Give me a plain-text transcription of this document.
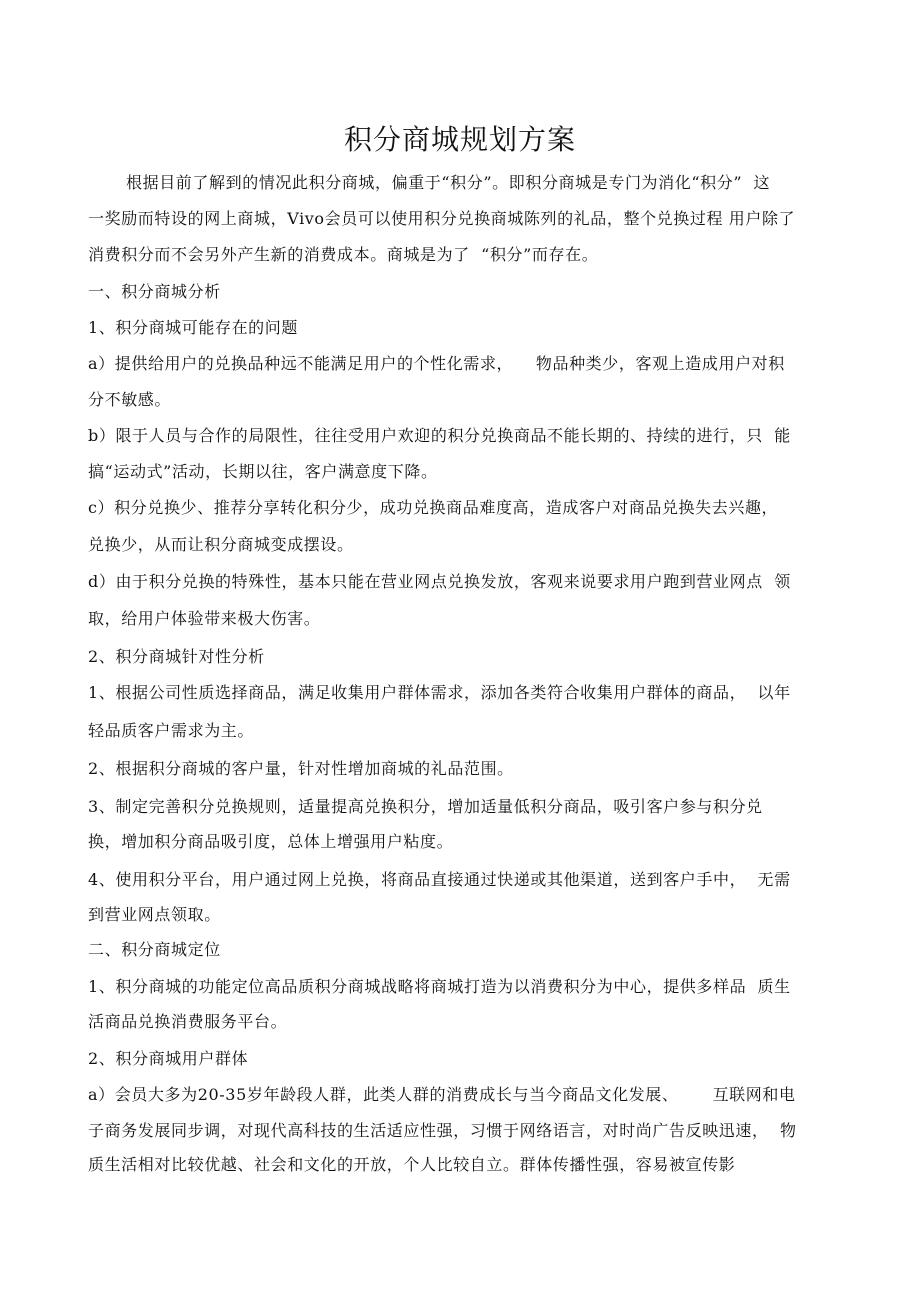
积分商城规划方案
根据目前了解到的情况此积分商城，偏重于“积分”。即积分商城是专门为消化“积分”  这
一奖励而特设的网上商城，Vivo会员可以使用积分兑换商城陈列的礼品，整个兑换过程 用户除了
消费积分而不会另外产生新的消费成本。商城是为了  “积分”而存在。
一、积分商城分析
1、积分商城可能存在的问题
a）提供给用户的兑换品种远不能满足用户的个性化需求，    物品种类少，客观上造成用户对积
分不敏感。
b）限于人员与合作的局限性，往往受用户欢迎的积分兑换商品不能长期的、持续的进行，只  能
搞“运动式”活动，长期以往，客户满意度下降。
c）积分兑换少、推荐分享转化积分少，成功兑换商品难度高，造成客户对商品兑换失去兴趣，
兑换少，从而让积分商城变成摆设。
d）由于积分兑换的特殊性，基本只能在营业网点兑换发放，客观来说要求用户跑到营业网点  领
取，给用户体验带来极大伤害。
2、积分商城针对性分析
1、根据公司性质选择商品，满足收集用户群体需求，添加各类符合收集用户群体的商品，  以年
轻品质客户需求为主。
2、根据积分商城的客户量，针对性增加商城的礼品范围。
3、制定完善积分兑换规则，适量提高兑换积分，增加适量低积分商品，吸引客户参与积分兑
换，增加积分商品吸引度，总体上增强用户粘度。
4、使用积分平台，用户通过网上兑换，将商品直接通过快递或其他渠道，送到客户手中，  无需
到营业网点领取。
二、积分商城定位
1、积分商城的功能定位高品质积分商城战略将商城打造为以消费积分为中心，提供多样品  质生
活商品兑换消费服务平台。
2、积分商城用户群体
a）会员大多为20-35岁年龄段人群，此类人群的消费成长与当今商品文化发展、      互联网和电
子商务发展同步调，对现代高科技的生活适应性强，习惯于网络语言，对时尚广告反映迅速，  物
质生活相对比较优越、社会和文化的开放，个人比较自立。群体传播性强，容易被宣传影
